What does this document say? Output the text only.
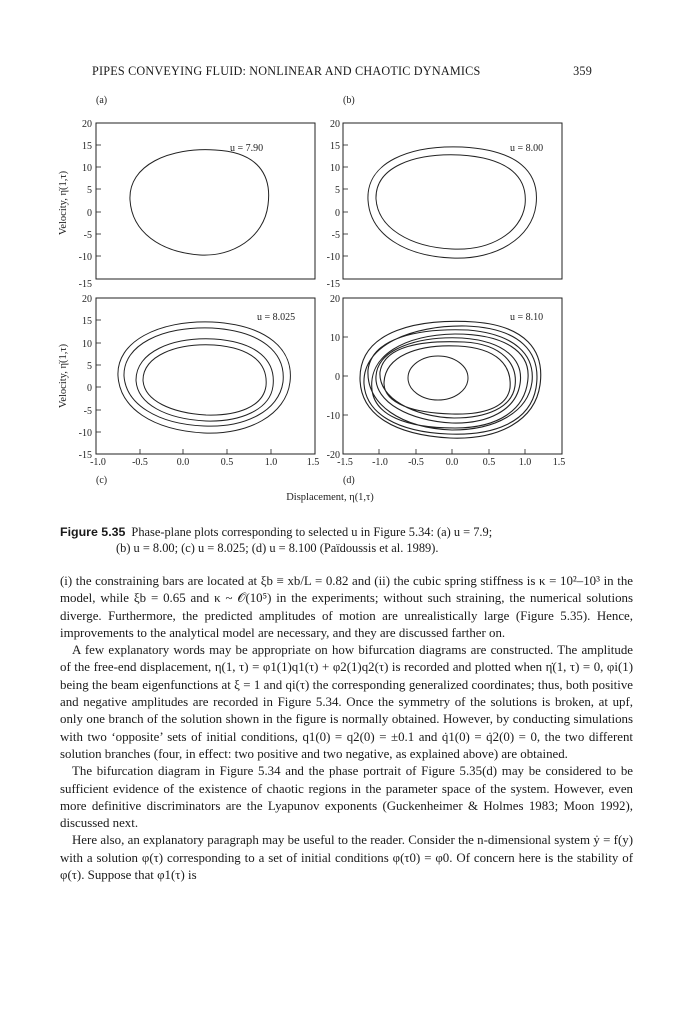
PIPES CONVEYING FLUID: NONLINEAR AND CHAOTIC DYNAMICS	359
(a)	(b)
20
15
10
5
0
-5
-10
-15
20
15
10
5
0
-5
-10
-15
20
15
10
5
0
-5
-10
-15
20
10
0
-10
-20
-1.0	-0.5	0.0	0.5	1.0	1.5 -1.5 -1.0 -0.5 0.0 0.5 1.0 1.5
(c)	(d)
Velocity, η̇(1,τ)
Velocity, η̇(1,τ)
Displacement, η(1,τ)
u = 7.90	u = 8.00
u = 8.025	u = 8.10
Figure 5.35 Phase-plane plots corresponding to selected u in Figure 5.34: (a) u = 7.9;
(b) u = 8.00; (c) u = 8.025; (d) u = 8.100 (Païdoussis et al. 1989).

(i) the constraining bars are located at ξb ≡ xb/L = 0.82 and (ii) the cubic spring stiffness is κ = 10²–10³ in the model, while ξb = 0.65 and κ ~ 𝒪(10⁵) in the experiments; without such straining, the numerical solutions diverge. Furthermore, the predicted amplitudes of motion are unrealistically large (Figure 5.35). Hence, improvements to the analytical model are necessary, and they are discussed farther on.

A few explanatory words may be appropriate on how bifurcation diagrams are constructed. The amplitude of the free-end displacement, η(1, τ) = φ1(1)q1(τ) + φ2(1)q2(τ) is recorded and plotted when η̇(1, τ) = 0, φi(1) being the beam eigenfunctions at ξ = 1 and qi(τ) the corresponding generalized coordinates; thus, both positive and negative amplitudes are recorded in Figure 5.34. Once the symmetry of the solutions is broken, at upf, only one branch of the solution shown in the figure is normally obtained. However, by conducting simulations with two ‘opposite’ sets of initial conditions, q1(0) = q2(0) = ±0.1 and q̇1(0) = q̇2(0) = 0, the two different solution branches (four, in effect: two positive and two negative, as explained above) are obtained.

The bifurcation diagram in Figure 5.34 and the phase portrait of Figure 5.35(d) may be considered to be sufficient evidence of the existence of chaotic regions in the parameter space of the system. However, even more definitive discriminators are the Lyapunov exponents (Guckenheimer & Holmes 1983; Moon 1992), discussed next.

Here also, an explanatory paragraph may be useful to the reader. Consider the n-dimensional system ẏ = f(y) with a solution φ(τ) corresponding to a set of initial conditions φ(τ0) = φ0. Of concern here is the stability of φ(τ). Suppose that φ1(τ) is
